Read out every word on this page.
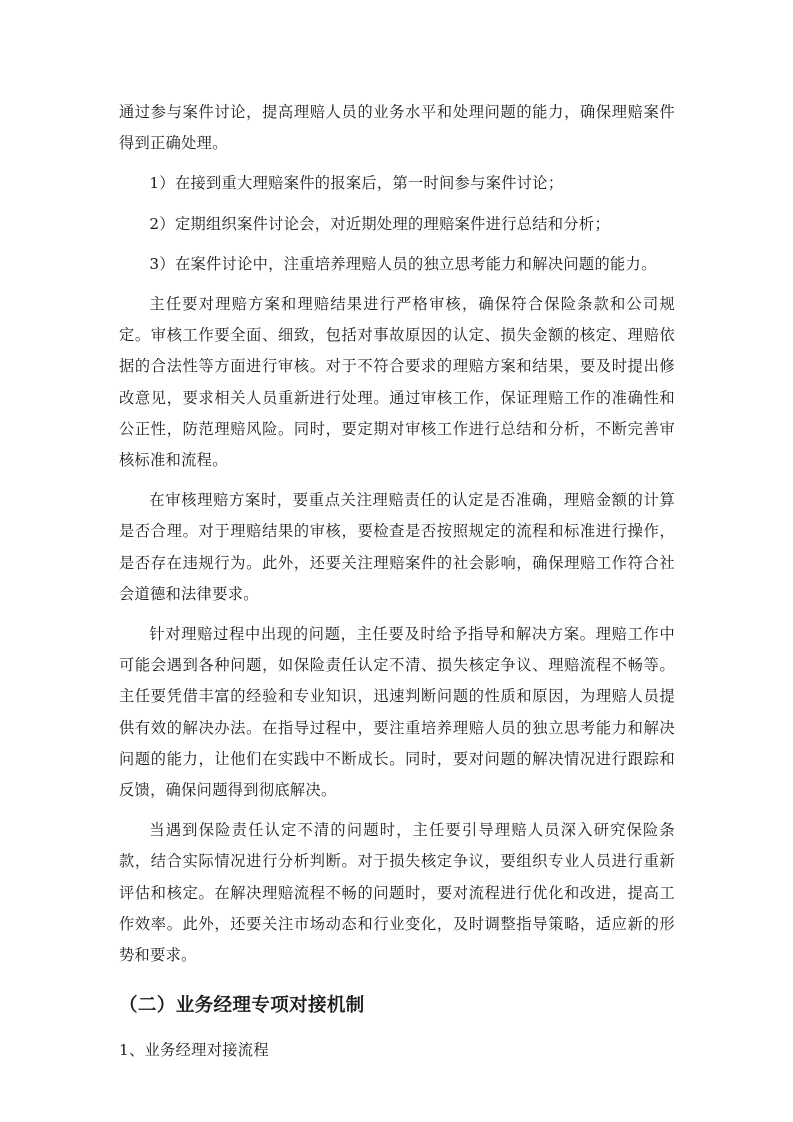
通过参与案件讨论，提高理赔人员的业务水平和处理问题的能力，确保理赔案件得到正确处理。

1）在接到重大理赔案件的报案后，第一时间参与案件讨论；

2）定期组织案件讨论会，对近期处理的理赔案件进行总结和分析；

3）在案件讨论中，注重培养理赔人员的独立思考能力和解决问题的能力。

主任要对理赔方案和理赔结果进行严格审核，确保符合保险条款和公司规定。审核工作要全面、细致，包括对事故原因的认定、损失金额的核定、理赔依据的合法性等方面进行审核。对于不符合要求的理赔方案和结果，要及时提出修改意见，要求相关人员重新进行处理。通过审核工作，保证理赔工作的准确性和公正性，防范理赔风险。同时，要定期对审核工作进行总结和分析，不断完善审核标准和流程。

在审核理赔方案时，要重点关注理赔责任的认定是否准确，理赔金额的计算是否合理。对于理赔结果的审核，要检查是否按照规定的流程和标准进行操作，是否存在违规行为。此外，还要关注理赔案件的社会影响，确保理赔工作符合社会道德和法律要求。

针对理赔过程中出现的问题，主任要及时给予指导和解决方案。理赔工作中可能会遇到各种问题，如保险责任认定不清、损失核定争议、理赔流程不畅等。主任要凭借丰富的经验和专业知识，迅速判断问题的性质和原因，为理赔人员提供有效的解决办法。在指导过程中，要注重培养理赔人员的独立思考能力和解决问题的能力，让他们在实践中不断成长。同时，要对问题的解决情况进行跟踪和反馈，确保问题得到彻底解决。

当遇到保险责任认定不清的问题时，主任要引导理赔人员深入研究保险条款，结合实际情况进行分析判断。对于损失核定争议，要组织专业人员进行重新评估和核定。在解决理赔流程不畅的问题时，要对流程进行优化和改进，提高工作效率。此外，还要关注市场动态和行业变化，及时调整指导策略，适应新的形势和要求。

（二）业务经理专项对接机制

1、业务经理对接流程
